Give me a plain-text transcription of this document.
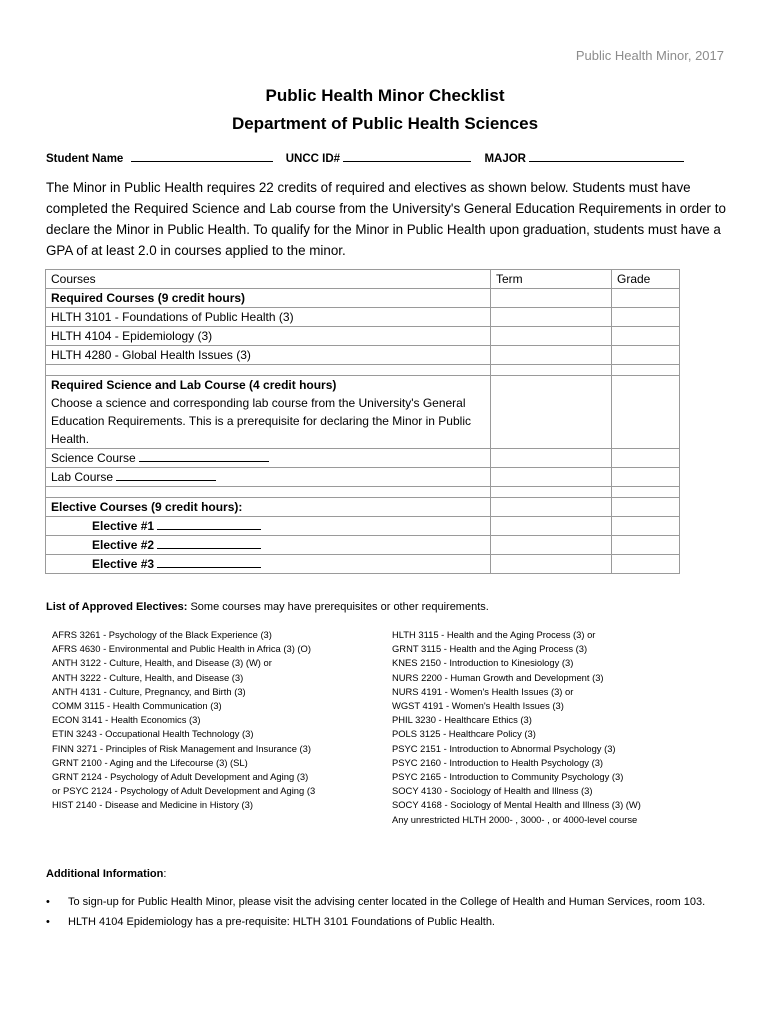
Public Health Minor, 2017
Public Health Minor Checklist
Department of Public Health Sciences
Student Name	UNCC ID#	MAJOR
The Minor in Public Health requires 22 credits of required and electives as shown below. Students must have completed the Required Science and Lab course from the University's General Education Requirements in order to declare the Minor in Public Health. To qualify for the Minor in Public Health upon graduation, students must have a GPA of at least 2.0 in courses applied to the minor.
Courses	Term	Grade
Required Courses (9 credit hours)		
HLTH 3101 - Foundations of Public Health (3)		
HLTH 4104 - Epidemiology (3)		
HLTH 4280 - Global Health Issues (3)		

Required Science and Lab Course (4 credit hours)
Choose a science and corresponding lab course from the University's General Education Requirements. This is a prerequisite for declaring the Minor in Public Health.		

Science Course		
Lab Course		

Elective Courses (9 credit hours):		
Elective #1		
Elective #2		
Elective #3		
List of Approved Electives: Some courses may have prerequisites or other requirements.
AFRS 3261 - Psychology of the Black Experience (3)
AFRS 4630 - Environmental and Public Health in Africa (3) (O)
ANTH 3122 - Culture, Health, and Disease (3) (W) or
ANTH 3222 - Culture, Health, and Disease (3)
ANTH 4131 - Culture, Pregnancy, and Birth (3)
COMM 3115 - Health Communication (3)
ECON 3141 - Health Economics (3)
ETIN 3243 - Occupational Health Technology (3)
FINN 3271 - Principles of Risk Management and Insurance (3)
GRNT 2100 - Aging and the Lifecourse (3) (SL)
GRNT 2124 - Psychology of Adult Development and Aging (3)
or PSYC 2124 - Psychology of Adult Development and Aging (3
HIST 2140 - Disease and Medicine in History (3)
HLTH 3115 - Health and the Aging Process (3) or
GRNT 3115 - Health and the Aging Process (3)
KNES 2150 - Introduction to Kinesiology (3)
NURS 2200 - Human Growth and Development (3)
NURS 4191 - Women's Health Issues (3) or
WGST 4191 - Women's Health Issues (3)
PHIL 3230 - Healthcare Ethics (3)
POLS 3125 - Healthcare Policy (3)
PSYC 2151 - Introduction to Abnormal Psychology (3)
PSYC 2160 - Introduction to Health Psychology (3)
PSYC 2165 - Introduction to Community Psychology (3)
SOCY 4130 - Sociology of Health and Illness (3)
SOCY 4168 - Sociology of Mental Health and Illness (3) (W)
Any unrestricted HLTH 2000- , 3000- , or 4000-level course
Additional Information:
• To sign-up for Public Health Minor, please visit the advising center located in the College of Health and Human Services, room 103.
• HLTH 4104 Epidemiology has a pre-requisite: HLTH 3101 Foundations of Public Health.
